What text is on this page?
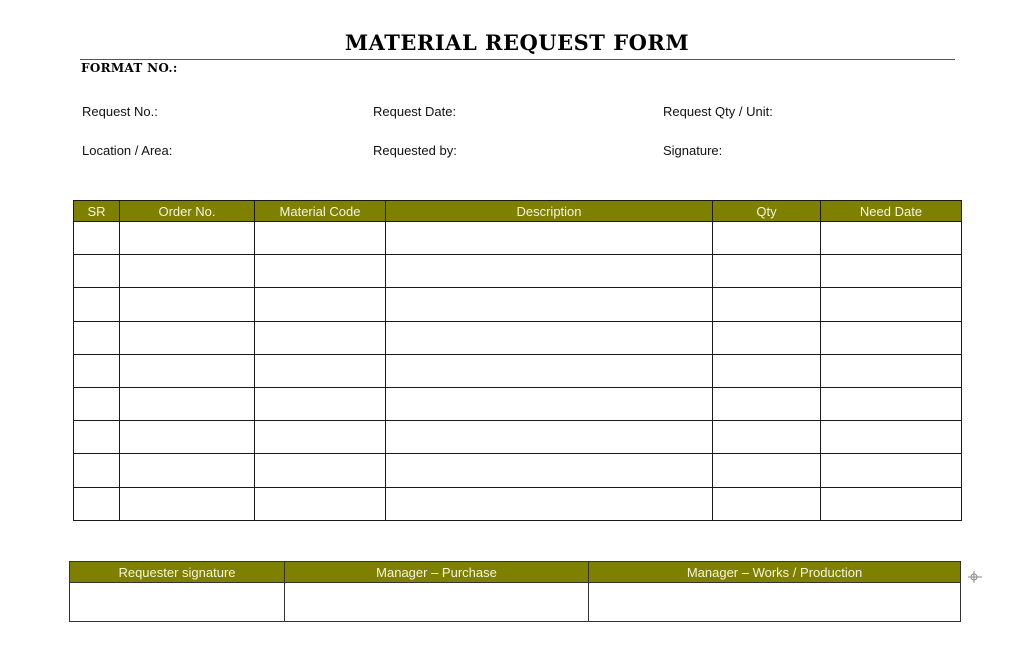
MATERIAL REQUEST FORM
FORMAT NO.:
Request No.:	Request Date:	Request Qty / Unit:
Location / Area:	Requested by:	Signature:
SR	Order No.	Material Code	Description	Qty	Need Date

Requester signature	Manager – Purchase	Manager – Works / Production
